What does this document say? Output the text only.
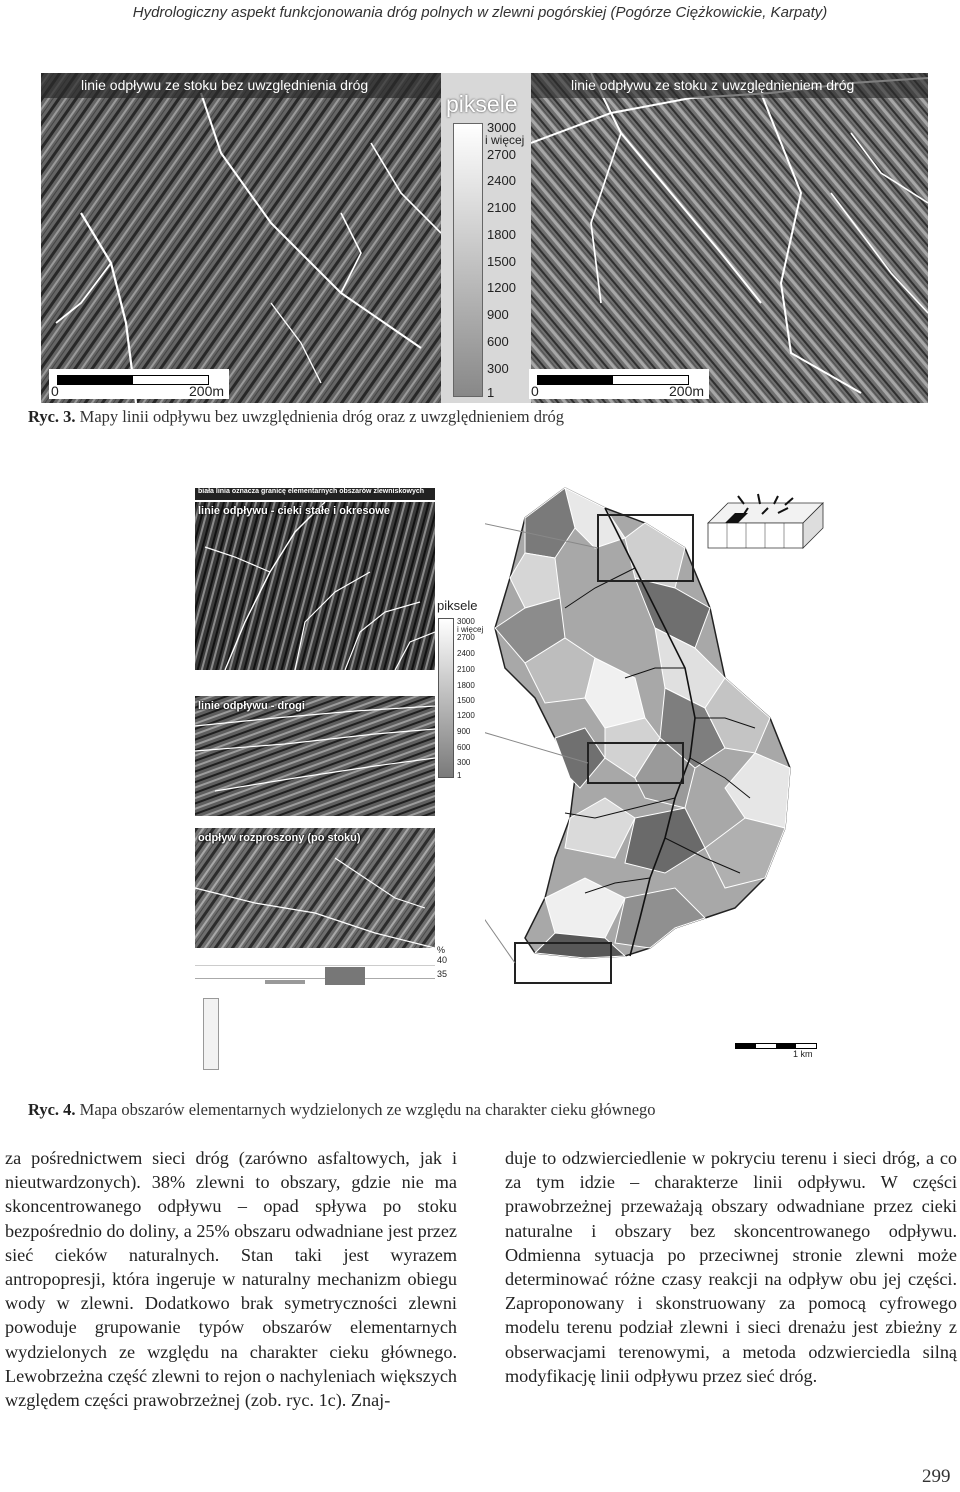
Hydrologiczny aspekt funkcjonowania dróg polnych w zlewni pogórskiej (Pogórze Ciężkowickie, Karpaty)
piksele
3000
i więcej
2700
2400
2100
1800
1500
1200
900
600
300
1
linie odpływu ze stoku bez uwzględnienia dróg	linie odpływu ze stoku z uwzględnieniem dróg
0	200m	0	200m
Ryc. 3. Mapy linii odpływu bez uwzględnienia dróg oraz z uwzględnieniem dróg
biała linia oznacza granicę elementarnych obszarów zlewniskowych
linie odpływu - cieki stałe i okresowe
linie odpływu - drogi
odpływ rozproszony (po stoku)
piksele
3000
i więcej
2700
2400
2100
1800
1500
1200
900
600
300
1
%
40
35
1 km
Ryc. 4. Mapa obszarów elementarnych wydzielonych ze względu na charakter cieku głównego

za pośrednictwem sieci dróg (zarówno asfaltowych, jak i nieutwardzonych). 38% zlewni to obszary, gdzie nie ma skoncentrowanego odpływu – opad spływa po stoku bezpośrednio do doliny, a 25% obszaru odwadniane jest przez sieć cieków naturalnych. Stan taki jest wyrazem antropopresji, która ingeruje w naturalny mechanizm obiegu wody w zlewni. Dodatkowo brak symetryczności zlewni powoduje grupowanie typów obszarów elementarnych wydzielonych ze względu na charakter cieku głównego. Lewobrzeżna część zlewni to rejon o nachyleniach większych względem części prawobrzeżnej (zob. ryc. 1c). Znaj-

duje to odzwierciedlenie w pokryciu terenu i sieci dróg, a co za tym idzie – charakterze linii odpływu. W części prawobrzeżnej przeważają obszary odwadniane przez cieki naturalne i obszary bez skoncentrowanego odpływu. Odmienna sytuacja po przeciwnej stronie zlewni może determinować różne czasy reakcji na odpływ obu jej części. Zaproponowany i skonstruowany za pomocą cyfrowego modelu terenu podział zlewni i sieci drenażu jest zbieżny z obserwacjami terenowymi, a metoda odzwierciedla silną modyfikację linii odpływu przez sieć dróg.

299
